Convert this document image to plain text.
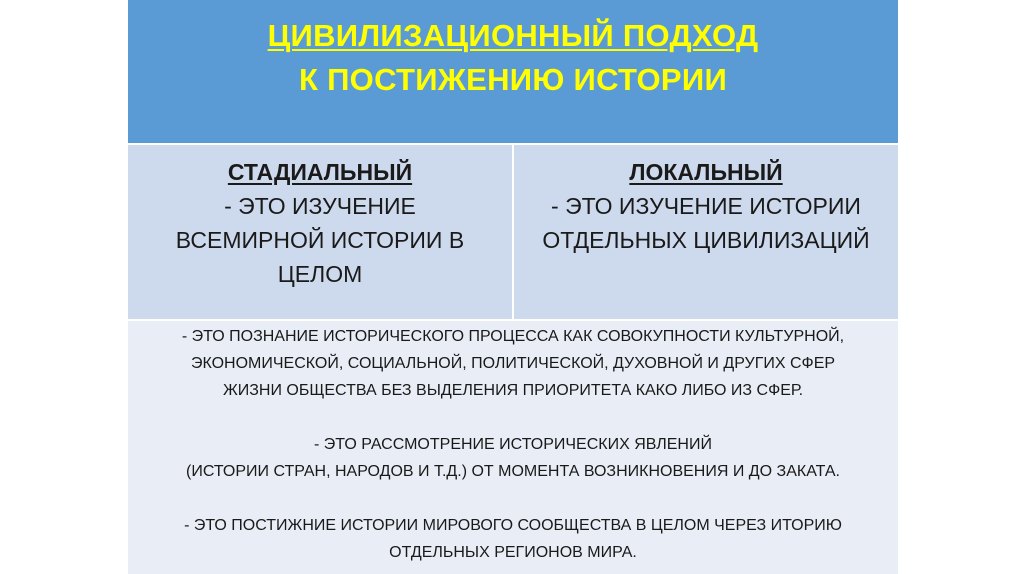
ЦИВИЛИЗАЦИОННЫЙ ПОДХОД
К ПОСТИЖЕНИЮ ИСТОРИИ
СТАДИАЛЬНЫЙ
- ЭТО ИЗУЧЕНИЕ
ВСЕМИРНОЙ ИСТОРИИ В
ЦЕЛОМ
ЛОКАЛЬНЫЙ
- ЭТО ИЗУЧЕНИЕ ИСТОРИИ
ОТДЕЛЬНЫХ ЦИВИЛИЗАЦИЙ

- ЭТО ПОЗНАНИЕ ИСТОРИЧЕСКОГО ПРОЦЕССА КАК СОВОКУПНОСТИ КУЛЬТУРНОЙ,

ЭКОНОМИЧЕСКОЙ, СОЦИАЛЬНОЙ, ПОЛИТИЧЕСКОЙ, ДУХОВНОЙ И ДРУГИХ СФЕР

ЖИЗНИ ОБЩЕСТВА БЕЗ ВЫДЕЛЕНИЯ ПРИОРИТЕТА КАКО ЛИБО ИЗ СФЕР.

- ЭТО РАССМОТРЕНИЕ ИСТОРИЧЕСКИХ ЯВЛЕНИЙ

(ИСТОРИИ СТРАН, НАРОДОВ И Т.Д.) ОТ МОМЕНТА ВОЗНИКНОВЕНИЯ И ДО ЗАКАТА.

- ЭТО ПОСТИЖНИЕ ИСТОРИИ МИРОВОГО СООБЩЕСТВА В ЦЕЛОМ ЧЕРЕЗ ИТОРИЮ

ОТДЕЛЬНЫХ РЕГИОНОВ МИРА.
